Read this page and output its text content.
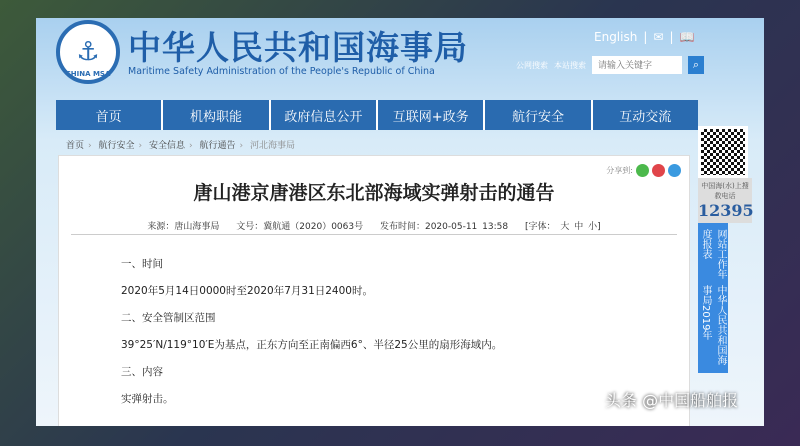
⚓
CHINA MSA
中华人民共和国海事局
Maritime Safety Administration of the People's Republic of China
English | ✉ | 📖
公网搜索 本站搜索
请输入关键字	⌕
首页	机构职能	政府信息公开	互联网+政务	航行安全	互动交流
首页 › 航行安全 › 安全信息 › 航行通告 › 河北海事局
分享到:
唐山港京唐港区东北部海域实弹射击的通告
来源：唐山海事局 文号：冀航通（2020）0063号 发布时间：2020-05-11 13:58 [字体： 大 中 小]

一、时间

2020年5月14日0000时至2020年7月31日2400时。

二、安全管制区范围

39°25′N/119°10′E为基点，正东方向至正南偏西6°、半径25公里的扇形海域内。

三、内容

实弹射击。

中国海(水)上搜救电话
12395
网站工作年度报表
中华人民共和国海事局2019年
头条 @中国船舶报
